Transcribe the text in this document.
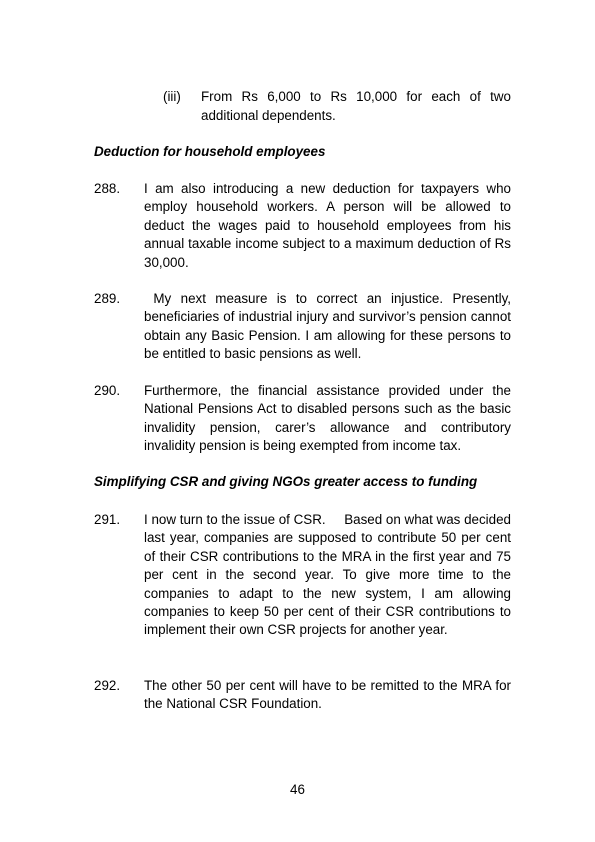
(iii) From Rs 6,000 to Rs 10,000 for each of two additional dependents.
Deduction for household employees
288. I am also introducing a new deduction for taxpayers who employ household workers. A person will be allowed to deduct the wages paid to household employees from his annual taxable income subject to a maximum deduction of Rs 30,000.
289. My next measure is to correct an injustice. Presently, beneficiaries of industrial injury and survivor’s pension cannot obtain any Basic Pension. I am allowing for these persons to be entitled to basic pensions as well.
290. Furthermore, the financial assistance provided under the National Pensions Act to disabled persons such as the basic invalidity pension, carer’s allowance and contributory invalidity pension is being exempted from income tax.
Simplifying CSR and giving NGOs greater access to funding
291. I now turn to the issue of CSR.     Based on what was decided last year, companies are supposed to contribute 50 per cent of their CSR contributions to the MRA in the first year and 75 per cent in the second year. To give more time to the companies to adapt to the new system, I am allowing companies to keep 50 per cent of their CSR contributions to implement their own CSR projects for another year.
292. The other 50 per cent will have to be remitted to the MRA for the National CSR Foundation.
46
